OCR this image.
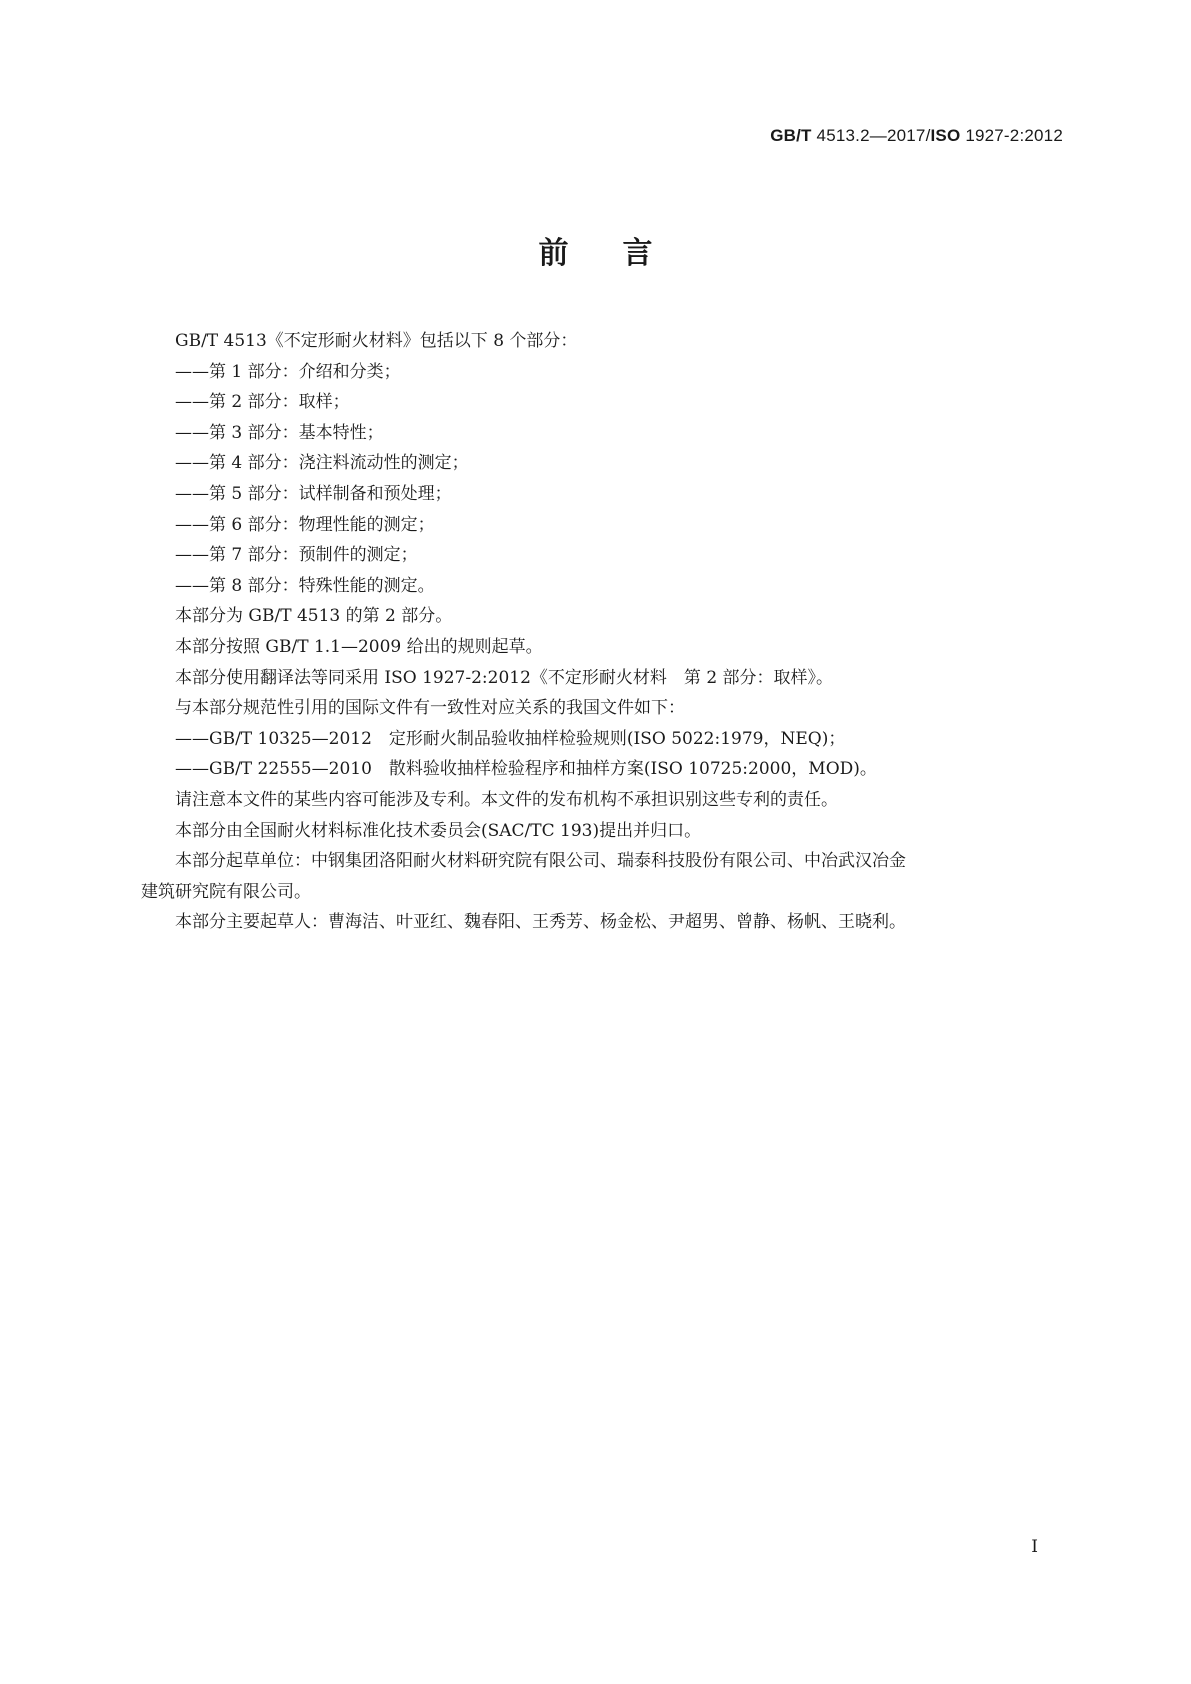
GB/T 4513.2—2017/ISO 1927-2:2012
前言

GB/T 4513《不定形耐火材料》包括以下 8 个部分：

——第 1 部分：介绍和分类；

——第 2 部分：取样；

——第 3 部分：基本特性；

——第 4 部分：浇注料流动性的测定；

——第 5 部分：试样制备和预处理；

——第 6 部分：物理性能的测定；

——第 7 部分：预制件的测定；

——第 8 部分：特殊性能的测定。

本部分为 GB/T 4513 的第 2 部分。

本部分按照 GB/T 1.1—2009 给出的规则起草。

本部分使用翻译法等同采用 ISO 1927-2:2012《不定形耐火材料　第 2 部分：取样》。

与本部分规范性引用的国际文件有一致性对应关系的我国文件如下：

——GB/T 10325—2012　定形耐火制品验收抽样检验规则(ISO 5022:1979，NEQ)；

——GB/T 22555—2010　散料验收抽样检验程序和抽样方案(ISO 10725:2000，MOD)。

请注意本文件的某些内容可能涉及专利。本文件的发布机构不承担识别这些专利的责任。

本部分由全国耐火材料标准化技术委员会(SAC/TC 193)提出并归口。

本部分起草单位：中钢集团洛阳耐火材料研究院有限公司、瑞泰科技股份有限公司、中冶武汉冶金

建筑研究院有限公司。

本部分主要起草人：曹海洁、叶亚红、魏春阳、王秀芳、杨金松、尹超男、曾静、杨帆、王晓利。

I
